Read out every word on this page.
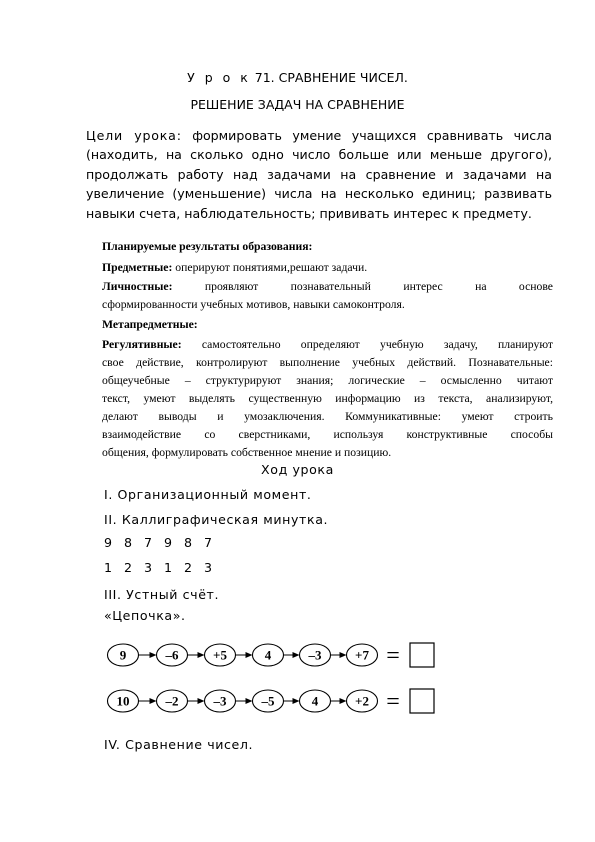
У р о к 71. СРАВНЕНИЕ ЧИСЕЛ.
РЕШЕНИЕ ЗАДАЧ НА СРАВНЕНИЕ
Цели урока: формировать умение учащихся сравнивать числа (находить, на сколько одно число больше или меньше другого), продолжать работу над задачами на сравнение и задачами на увеличение (уменьшение) числа на несколько единиц; развивать навыки счета, наблюдательность; прививать интерес к предмету.
Планируемые результаты образования:
Предметные: оперируют понятиями,решают задачи.
Личностные: проявляют познавательный интерес на основе
сформированности учебных мотивов, навыки самоконтроля.
Метапредметные:
Регулятивные: самостоятельно определяют учебную задачу, планируют
свое действие, контролируют выполнение учебных действий. Познавательные:
общеучебные – структурируют знания; логические – осмысленно читают
текст, умеют выделять существенную информацию из текста, анализируют,
делают выводы и умозаключения. Коммуникативные: умеют строить
взаимодействие со сверстниками, используя конструктивные способы
общения, формулировать собственное мнение и позицию.
Ход урока
I. Организационный момент.
II. Каллиграфическая минутка.
9 8 7 9 8 7
1 2 3 1 2 3
III. Устный счёт.
«Цепочка».
9	–6	+5	4	–3	+7 =
10	–2	–3	–5	4	+2 =
IV. Сравнение чисел.
